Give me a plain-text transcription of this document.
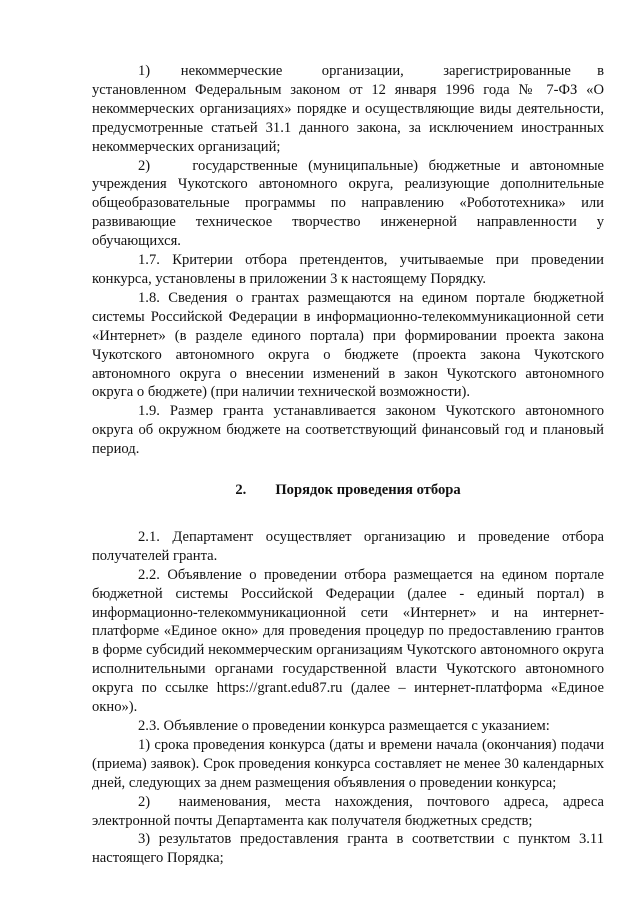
1)       некоммерческие         организации,         зарегистрированные      в установленном Федеральным законом от 12 января 1996 года № 7-ФЗ «О некоммерческих организациях» порядке и осуществляющие виды деятельности, предусмотренные статьей 31.1 данного закона, за исключением иностранных некоммерческих организаций;

2)    государственные (муниципальные) бюджетные и автономные учреждения Чукотского автономного округа, реализующие дополнительные общеобразовательные программы по направлению «Робототехника» или развивающие техническое творчество инженерной направленности у обучающихся.

1.7. Критерии отбора претендентов, учитываемые при проведении конкурса, установлены в приложении 3 к настоящему Порядку.

1.8. Сведения о грантах размещаются на едином портале бюджетной системы Российской Федерации в информационно-телекоммуникационной сети «Интернет» (в разделе единого портала) при формировании проекта закона Чукотского автономного округа о бюджете (проекта закона Чукотского автономного округа о внесении изменений в закон Чукотского автономного округа о бюджете) (при наличии технической возможности).

1.9. Размер гранта устанавливается законом Чукотского автономного округа об окружном бюджете на соответствующий финансовый год и плановый период.

2. Порядок проведения отбора

2.1. Департамент осуществляет организацию и проведение отбора получателей гранта.

2.2. Объявление о проведении отбора размещается на едином портале бюджетной системы Российской Федерации (далее - единый портал) в информационно-телекоммуникационной сети «Интернет» и на интернет-платформе «Единое окно» для проведения процедур по предоставлению грантов в форме субсидий некоммерческим организациям Чукотского автономного округа исполнительными органами государственной власти Чукотского автономного округа по ссылке https://grant.edu87.ru (далее – интернет-платформа «Единое окно»).

2.3. Объявление о проведении конкурса размещается с указанием:

1) срока проведения конкурса (даты и времени начала (окончания) подачи (приема) заявок). Срок проведения конкурса составляет не менее 30 календарных дней, следующих за днем размещения объявления о проведении конкурса;

2)  наименования, места нахождения, почтового адреса, адреса электронной почты Департамента как получателя бюджетных средств;

3) результатов предоставления гранта в соответствии с пунктом 3.11 настоящего Порядка;
